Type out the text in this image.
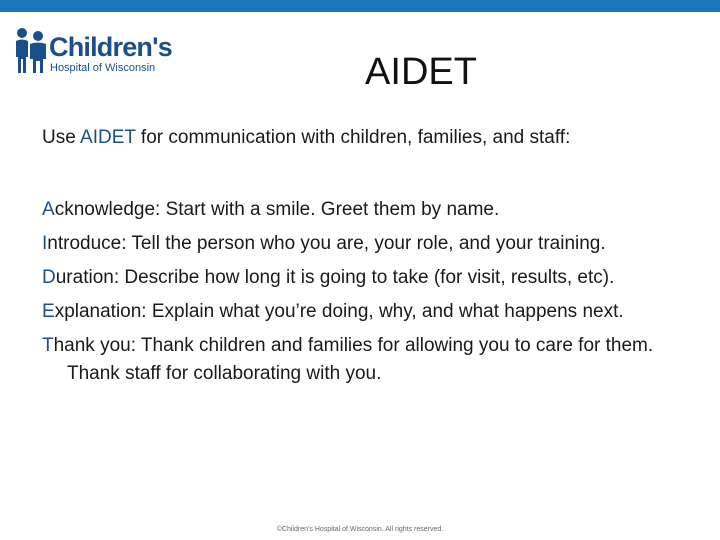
Children's
Hospital of Wisconsin	AIDET

Use AIDET for communication with children, families, and staff:

Acknowledge: Start with a smile. Greet them by name.
Introduce: Tell the person who you are, your role, and your training.
Duration: Describe how long it is going to take (for visit, results, etc).
Explanation: Explain what you’re doing, why, and what happens next.
Thank you: Thank children and families for allowing you to care for them. Thank staff for collaborating with you.
©Children’s Hospital of Wisconsin. All rights reserved.
